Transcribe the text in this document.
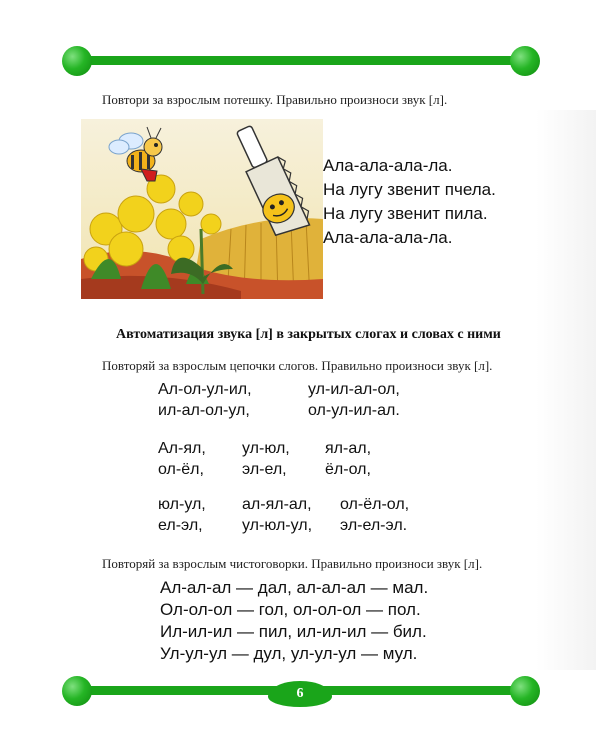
Повтори за взрослым потешку. Правильно произноси звук [л].
Ала-ала-ала-ла.
На лугу звенит пчела.
На лугу звенит пила.
Ала-ала-ала-ла.
Автоматизация звука [л] в закрытых слогах и словах с ними
Повторяй за взрослым цепочки слогов. Правильно произноси звук [л].
Ал-ол-ул-ил,	ул-ил-ал-ол,
ил-ал-ол-ул,	ол-ул-ил-ал.
Ал-ял, ул-юл, ял-ал,
ол-ёл, эл-ел, ёл-ол,
юл-ул, ал-ял-ал, ол-ёл-ол,
ел-эл, ул-юл-ул, эл-ел-эл.
Повторяй за взрослым чистоговорки. Правильно произноси звук [л].
Ал-ал-ал — дал, ал-ал-ал — мал.
Ол-ол-ол — гол, ол-ол-ол — пол.
Ил-ил-ил — пил, ил-ил-ил — бил.
Ул-ул-ул — дул, ул-ул-ул — мул.
6
